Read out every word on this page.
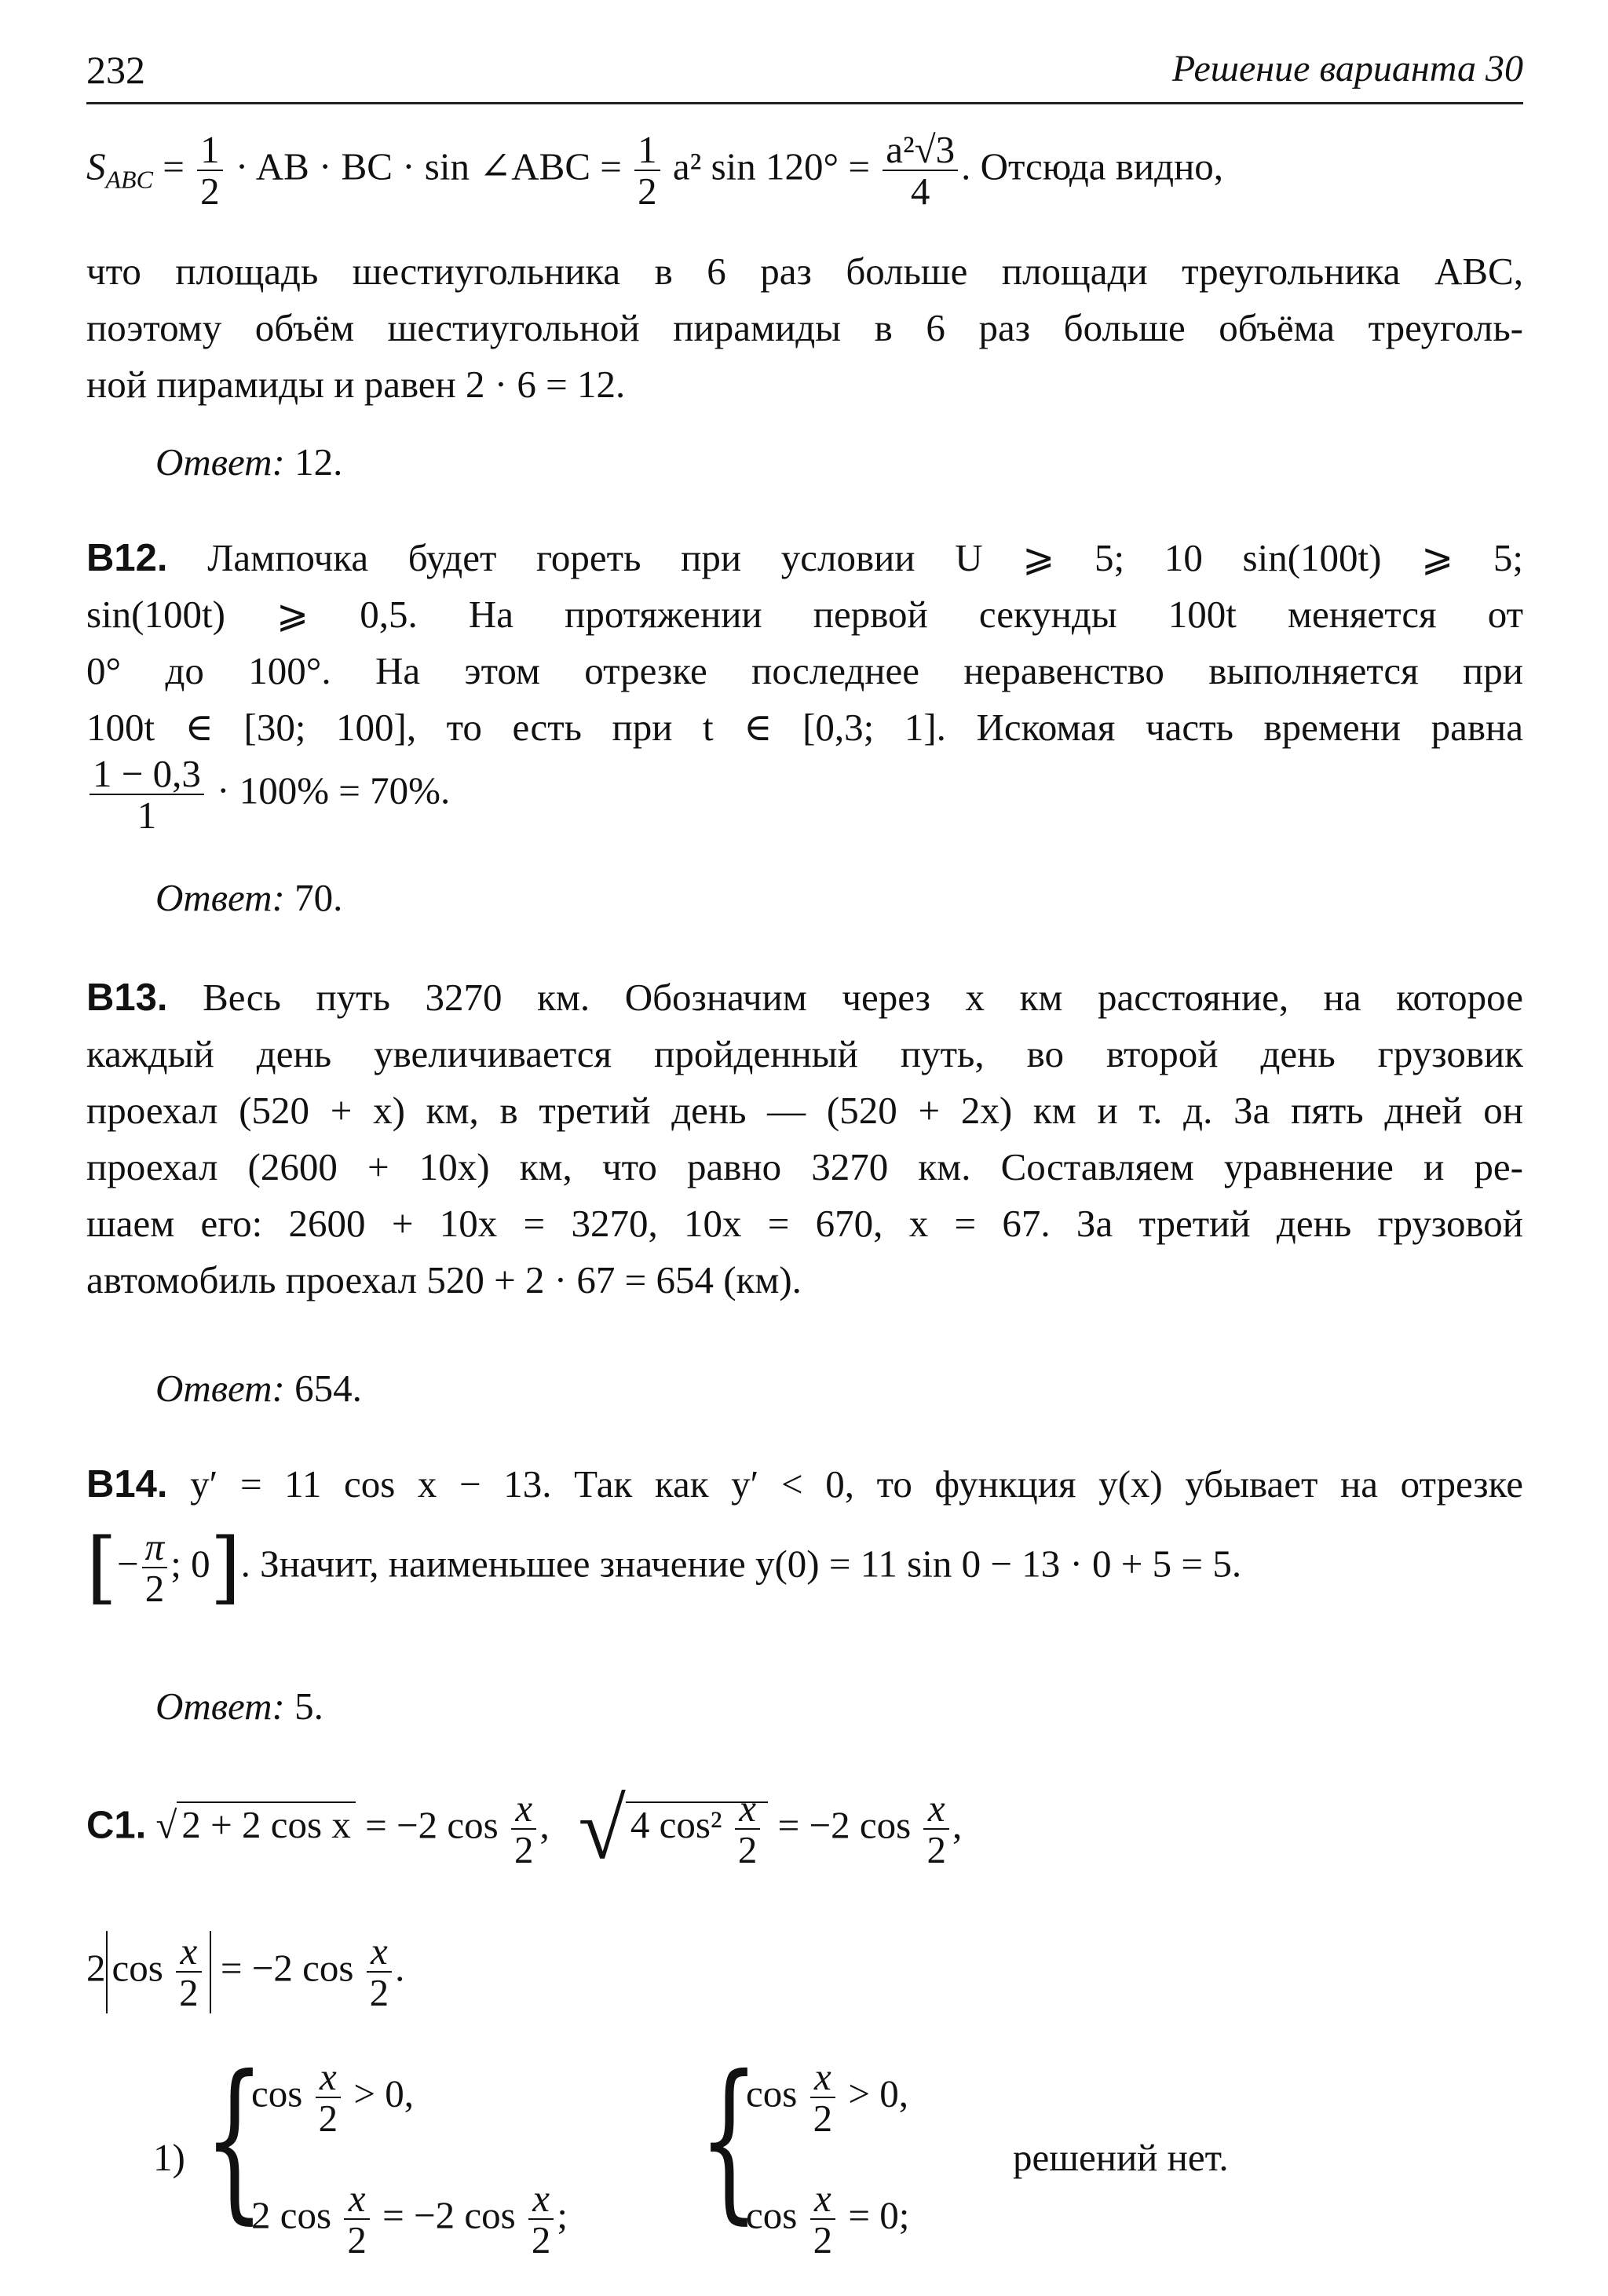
232	Решение варианта 30
$S_{ABC} = \frac{1}{2}$ · AB · BC · sin ∠ABC = $\frac{1}{2} a^2$ $\sin 120^\circ = \frac{\text{a²√3}}{4}$ . Отсюда видно,
что площадь шестиугольника в 6 раз больше площади треугольника ABC,
поэтому объём шестиугольной пирамиды в 6 раз больше объёма треуголь-
ной пирамиды и равен 2 · 6 = 12.
Ответ: 12.
B12. Лампочка будет гореть при условии U ⩾ 5; 10 sin(100t) ⩾ 5;
sin(100t) ⩾ 0,5. На протяжении первой секунды 100t меняется от
0° до 100°. На этом отрезке последнее неравенство выполняется при
100t ∈ [30; 100], то есть при t ∈ [0,3; 1]. Искомая часть времени равна
$\frac{1 - 0,3}{1} \cdot 100\% = 70\%$.
Ответ: 70.
B13. Весь путь 3270 км. Обозначим через x км расстояние, на которое
каждый день увеличивается пройденный путь, во второй день грузовик
проехал (520 + x) км, в третий день — (520 + 2x) км и т. д. За пять дней он
проехал (2600 + 10x) км, что равно 3270 км. Составляем уравнение и ре-
шаем его: 2600 + 10x = 3270, 10x = 670, x = 67. За третий день грузовой
автомобиль проехал 520 + 2 · 67 = 654 (км).
Ответ: 654.
B14. y′ = 11 cos x − 13. Так как y′ < 0, то функция y(x) убывает на отрезке
[− $\frac{\pi}{2}$ ; 0]. Значит, наименьшее значение y(0) = 11 sin 0 − 13 · 0 + 5 = 5.
Ответ: 5.
C1. √ 2 + 2 cos x = −2 $\cos \frac{x}{2}$ , √ 4 $\cos^2 \frac{x}{2} = -2$ $\cos \frac{x}{2}$ ,
2 $\cos \frac{x}{2} = -2$ $\cos \frac{x}{2}$ .
1) {
$\cos \frac{x}{2} > 0$,
2 $\cos \frac{x}{2} = -2$ $\cos \frac{x}{2}$ ; {
$\cos \frac{x}{2} > 0$,
$\cos \frac{x}{2} = 0$;
решений нет.
